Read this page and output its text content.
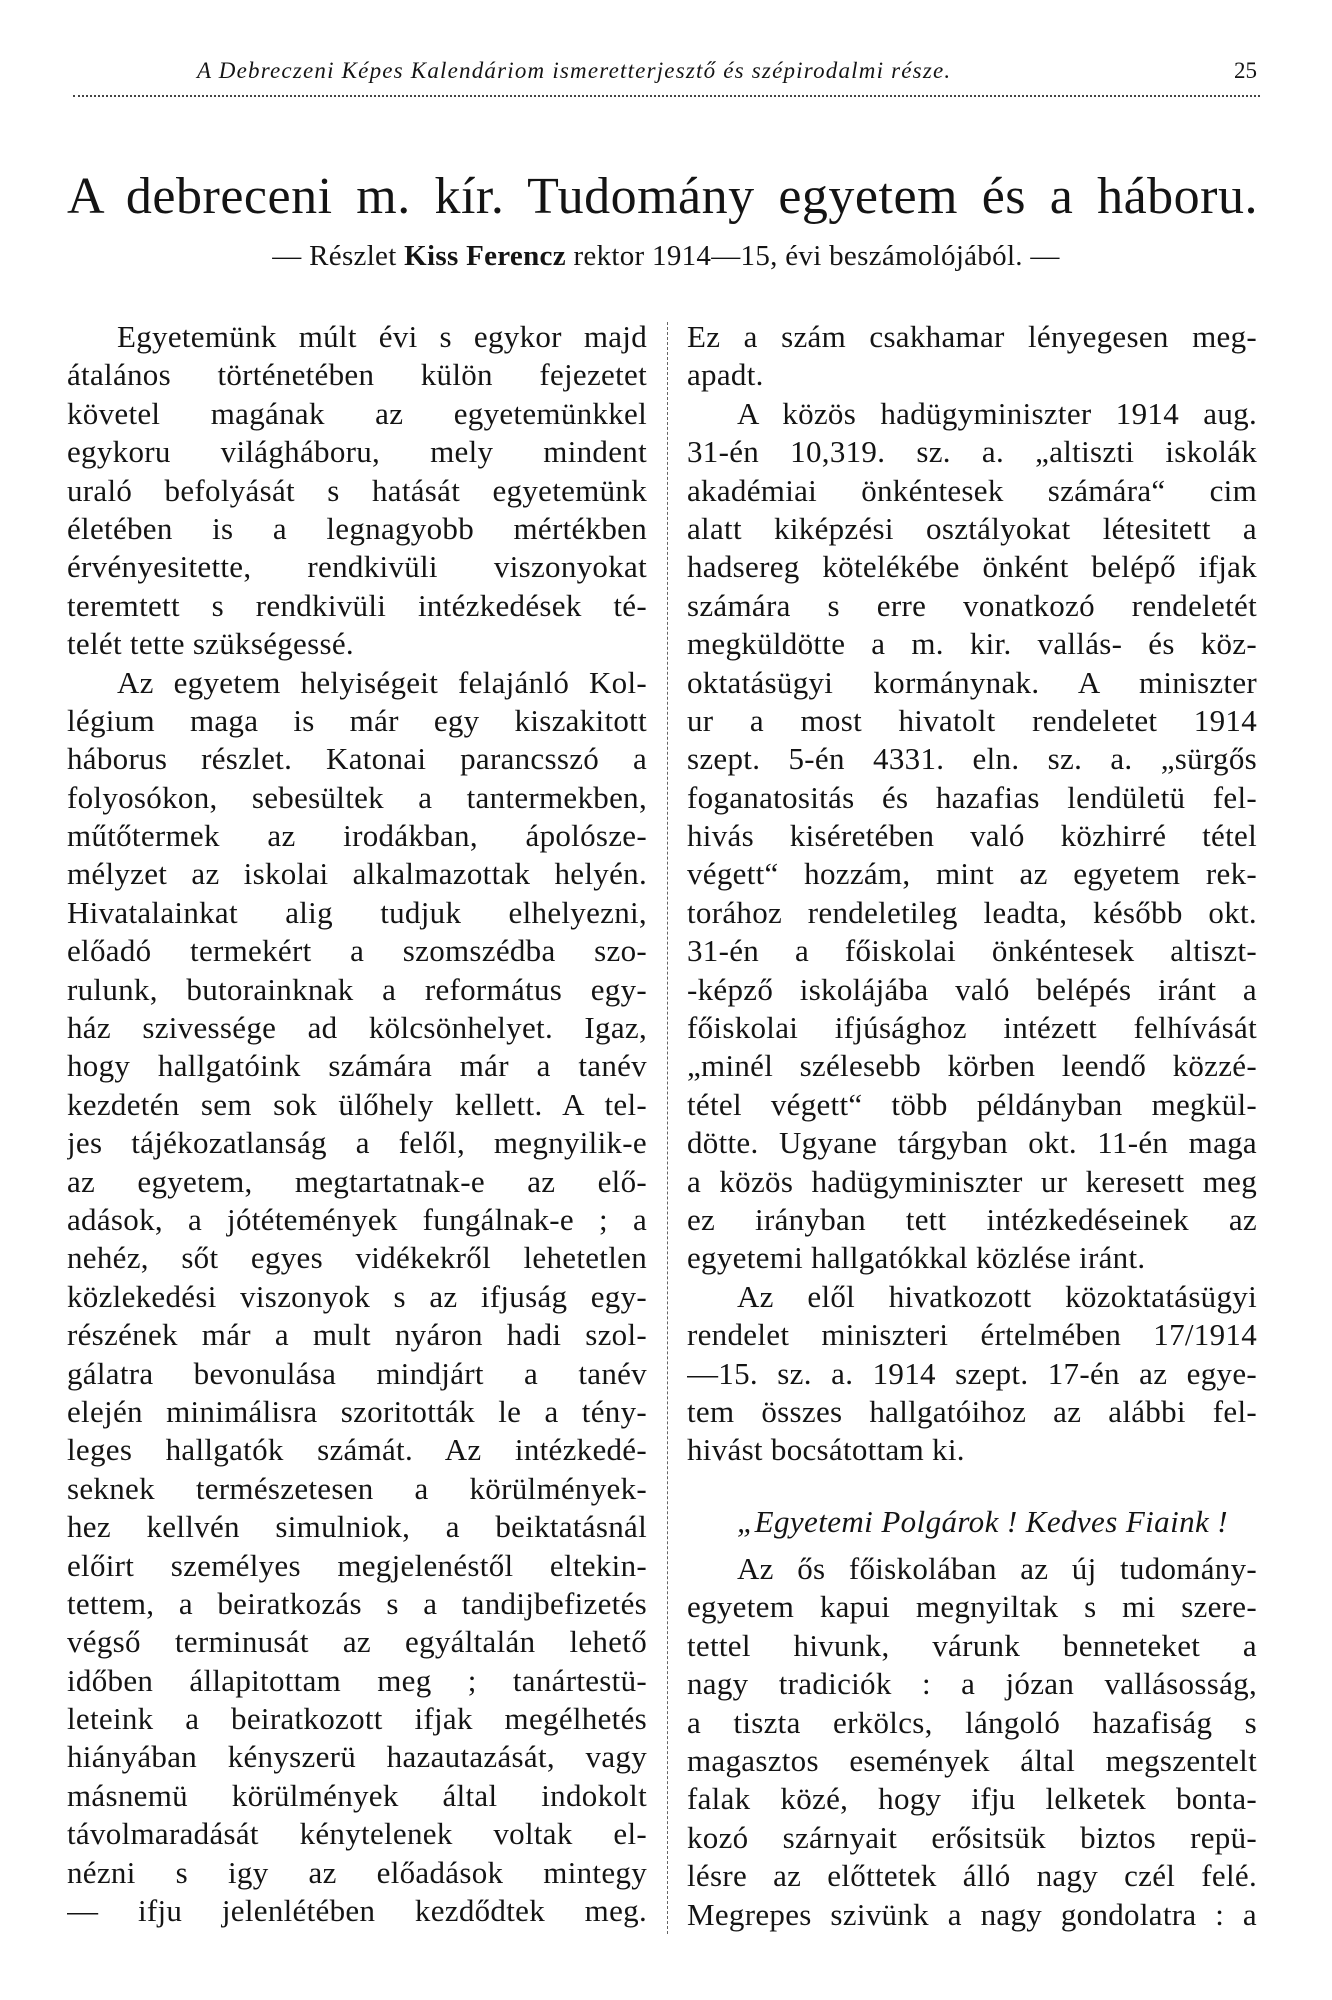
A Debreczeni Képes Kalendáriom ismeretterjesztő és szépirodalmi része.	25
A debreceni m. kír. Tudomány egyetem és a háboru.
— Részlet Kiss Ferencz rektor 1914—15, évi beszámolójából. —
Egyetemünk múlt évi s egykor majd
átalános történetében külön fejezetet
követel magának az egyetemünkkel
egykoru világháboru, mely mindent
uraló befolyását s hatását egyetemünk
életében is a legnagyobb mértékben
érvényesitette, rendkivüli viszonyokat
teremtett s rendkivüli intézkedések té-
telét tette szükségessé.
Az egyetem helyiségeit felajánló Kol-
légium maga is már egy kiszakitott
háborus részlet. Katonai parancsszó a
folyosókon, sebesültek a tantermekben,
műtőtermek az irodákban, ápolósze-
mélyzet az iskolai alkalmazottak helyén.
Hivatalainkat alig tudjuk elhelyezni,
előadó termekért a szomszédba szo-
rulunk, butorainknak a református egy-
ház szivessége ad kölcsönhelyet. Igaz,
hogy hallgatóink számára már a tanév
kezdetén sem sok ülőhely kellett. A tel-
jes tájékozatlanság a felől, megnyilik-e
az egyetem, megtartatnak-e az elő-
adások, a jótétemények fungálnak-e ; a
nehéz, sőt egyes vidékekről lehetetlen
közlekedési viszonyok s az ifjuság egy-
részének már a mult nyáron hadi szol-
gálatra bevonulása mindjárt a tanév
elején minimálisra szoritották le a tény-
leges hallgatók számát. Az intézkedé-
seknek természetesen a körülmények-
hez kellvén simulniok, a beiktatásnál
előirt személyes megjelenéstől eltekin-
tettem, a beiratkozás s a tandijbefizetés
végső terminusát az egyáltalán lehető
időben állapitottam meg ; tanártestü-
leteink a beiratkozott ifjak megélhetés
hiányában kényszerü hazautazását, vagy
másnemü körülmények által indokolt
távolmaradását kénytelenek voltak el-
nézni s igy az előadások mintegy
— ifju jelenlétében kezdődtek meg.
Ez a szám csakhamar lényegesen meg-
apadt.
A közös hadügyminiszter 1914 aug.
31-én 10,319. sz. a. „altiszti iskolák
akadémiai önkéntesek számára“ cim
alatt kiképzési osztályokat létesitett a
hadsereg kötelékébe önként belépő ifjak
számára s erre vonatkozó rendeletét
megküldötte a m. kir. vallás- és köz-
oktatásügyi kormánynak. A miniszter
ur a most hivatolt rendeletet 1914
szept. 5-én 4331. eln. sz. a. „sürgős
foganatositás és hazafias lendületü fel-
hivás kiséretében való közhirré tétel
végett“ hozzám, mint az egyetem rek-
torához rendeletileg leadta, később okt.
31-én a főiskolai önkéntesek altiszt-
-képző iskolájába való belépés iránt a
főiskolai ifjúsághoz intézett felhívását
„minél szélesebb körben leendő közzé-
tétel végett“ több példányban megkül-
dötte. Ugyane tárgyban okt. 11-én maga
a közös hadügyminiszter ur keresett meg
ez irányban tett intézkedéseinek az
egyetemi hallgatókkal közlése iránt.
Az elől hivatkozott közoktatásügyi
rendelet miniszteri értelmében 17/1914
—15. sz. a. 1914 szept. 17-én az egye-
tem összes hallgatóihoz az alábbi fel-
hivást bocsátottam ki.
„Egyetemi Polgárok ! Kedves Fiaink !
Az ős főiskolában az új tudomány-
egyetem kapui megnyiltak s mi szere-
tettel hivunk, várunk benneteket a
nagy tradiciók : a józan vallásosság,
a tiszta erkölcs, lángoló hazafiság s
magasztos események által megszentelt
falak közé, hogy ifju lelketek bonta-
kozó szárnyait erősitsük biztos repü-
lésre az előttetek álló nagy czél felé.
Megrepes szivünk a nagy gondolatra : a
